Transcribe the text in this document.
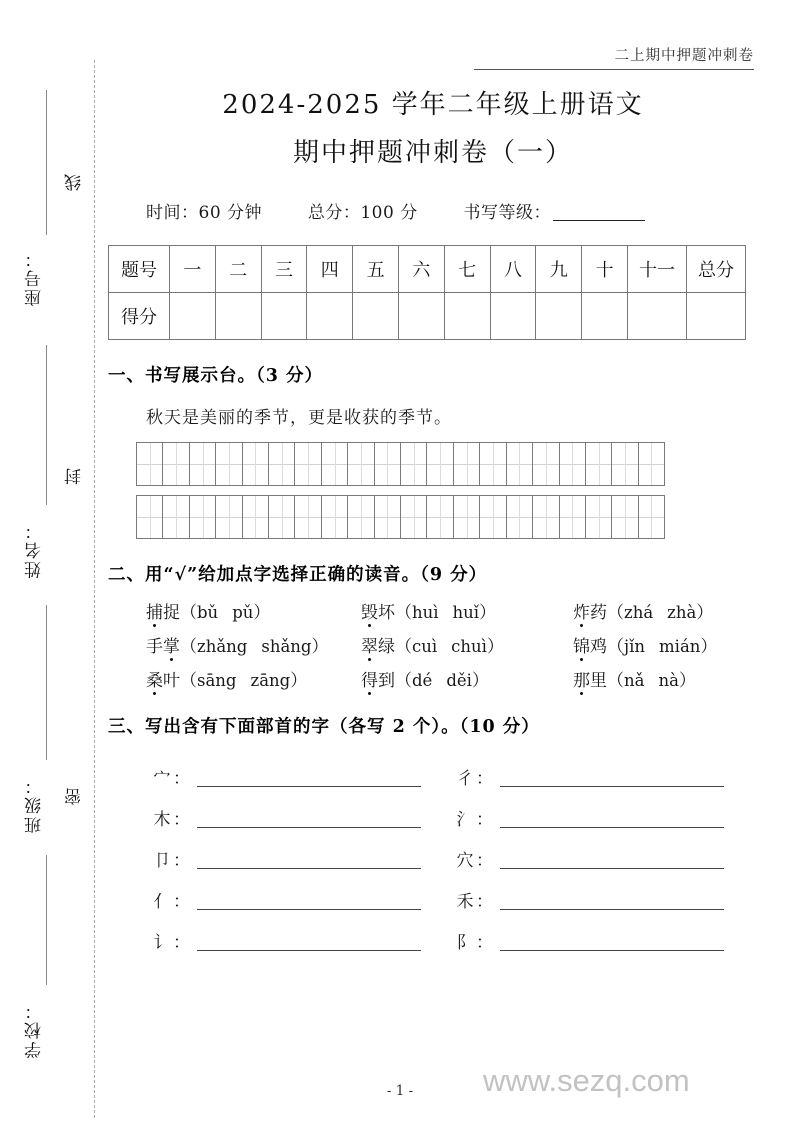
二上期中押题冲刺卷
线
封
密
座号：
姓名：
班级：
学校：
2024-2025 学年二年级上册语文
期中押题冲刺卷（一）
时间：60 分钟	总分：100 分	书写等级：
题号	一	二	三	四	五	六	七	八	九	十	十一	总分
得分												
一、书写展示台。（3 分）
秋天是美丽的季节，更是收获的季节。
二、用“√”给加点字选择正确的读音。（9 分）
捕捉（bǔ pǔ）	毁坏（huì huǐ）	炸药（zhá zhà）
手掌（zhǎng shǎng）	翠绿（cuì chuì）	锦鸡（jǐn mián）
桑叶（sāng zāng）	得到（dé děi）	那里（nǎ nà）
三、写出含有下面部首的字（各写 2 个）。（10 分）
宀 ：
木 ：
卩 ：
亻 ：
讠 ：
彳 ：
氵 ：
穴 ：
禾 ：
阝 ：
- 1 -	www.sezq.com
